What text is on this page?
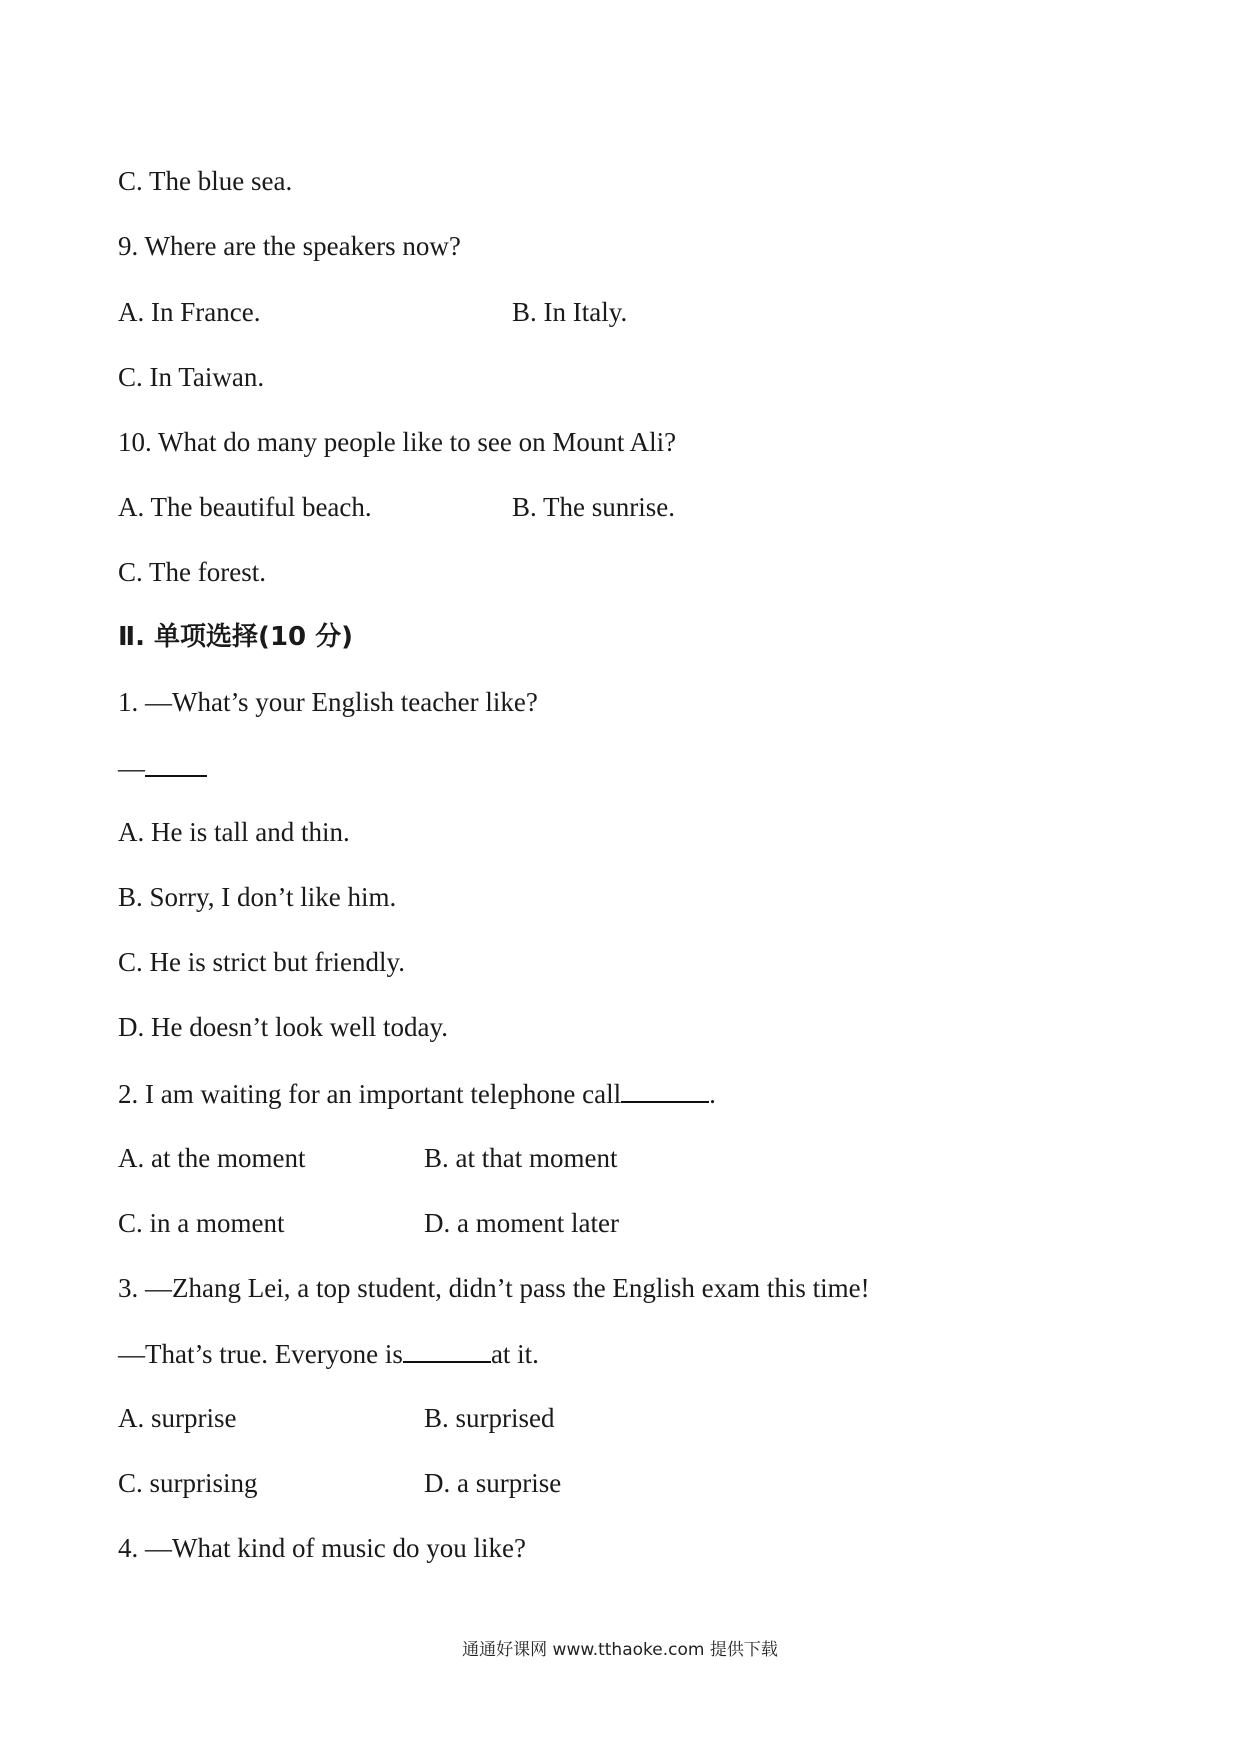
C. The blue sea.
9. Where are the speakers now?
A. In France.	B. In Italy.
C. In Taiwan.
10. What do many people like to see on Mount Ali?
A. The beautiful beach.	B. The sunrise.
C. The forest.
Ⅱ. 单项选择(10 分)
1. —What’s your English teacher like?
—
A. He is tall and thin.
B. Sorry, I don’t like him.
C. He is strict but friendly.
D. He doesn’t look well today.
2. I am waiting for an important telephone call	.
A. at the moment	B. at that moment
C. in a moment	D. a moment later
3. —Zhang Lei, a top student, didn’t pass the English exam this time!
—That’s true. Everyone is	at it.
A. surprise	B. surprised
C. surprising	D. a surprise
4. —What kind of music do you like?
通通好课网 www.tthaoke.com 提供下载
